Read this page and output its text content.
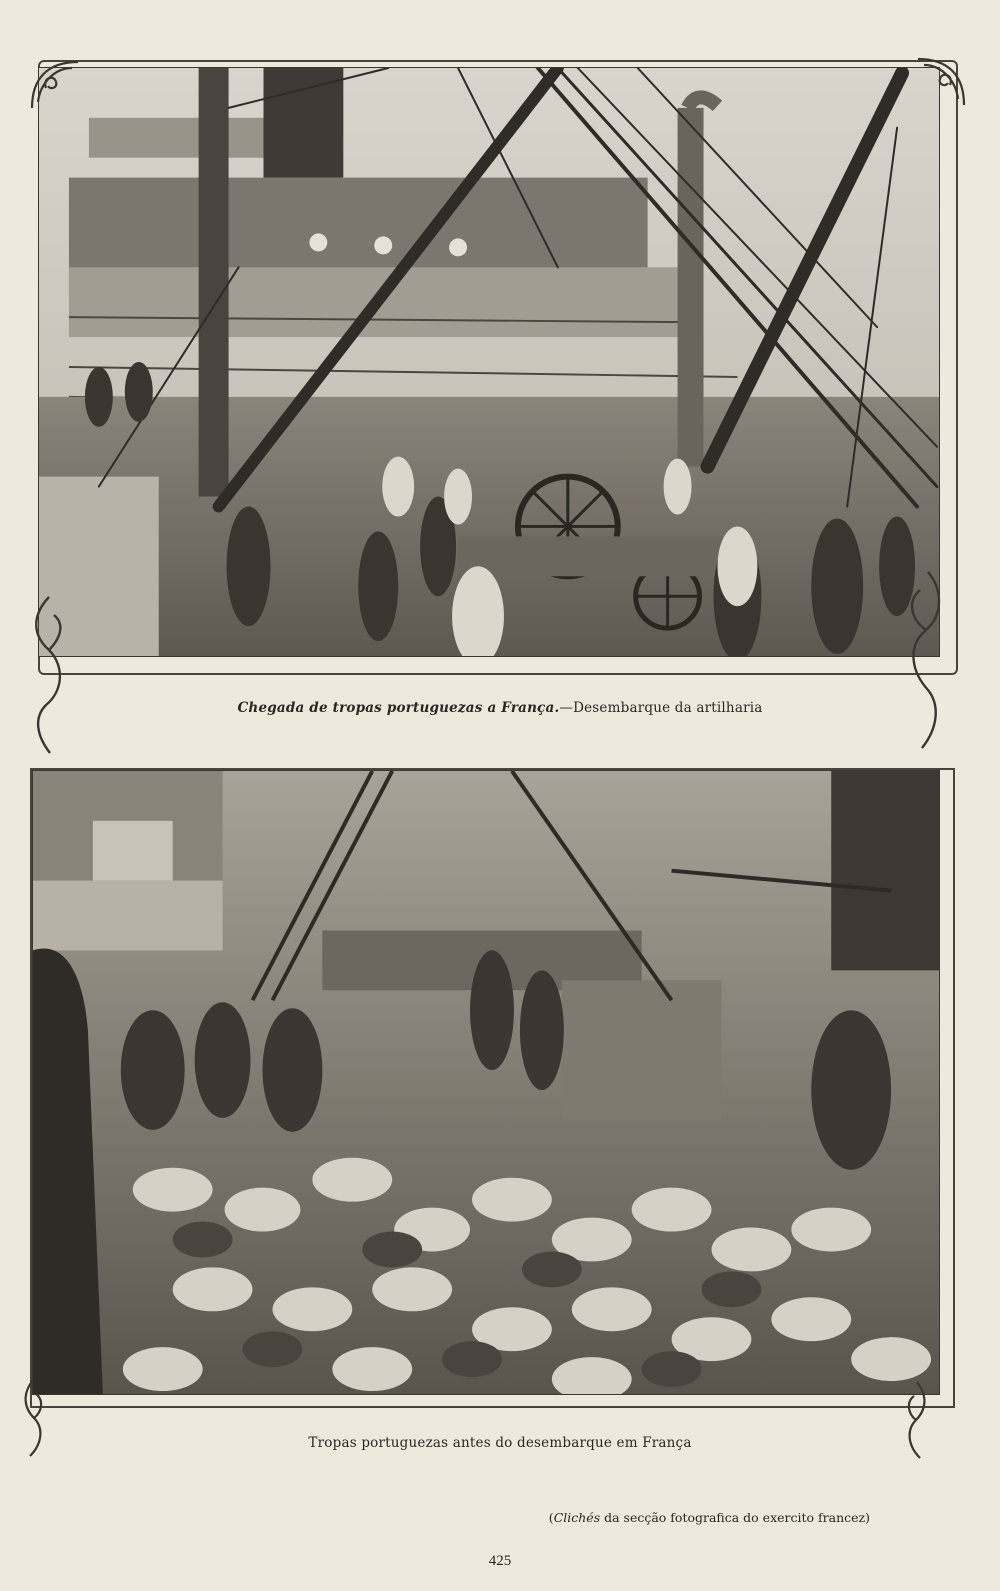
Chegada de tropas portuguezas a França.—Desembarque da artilharia
Tropas portuguezas antes do desembarque em França
(Clichés da secção fotografica do exercito francez)
425
